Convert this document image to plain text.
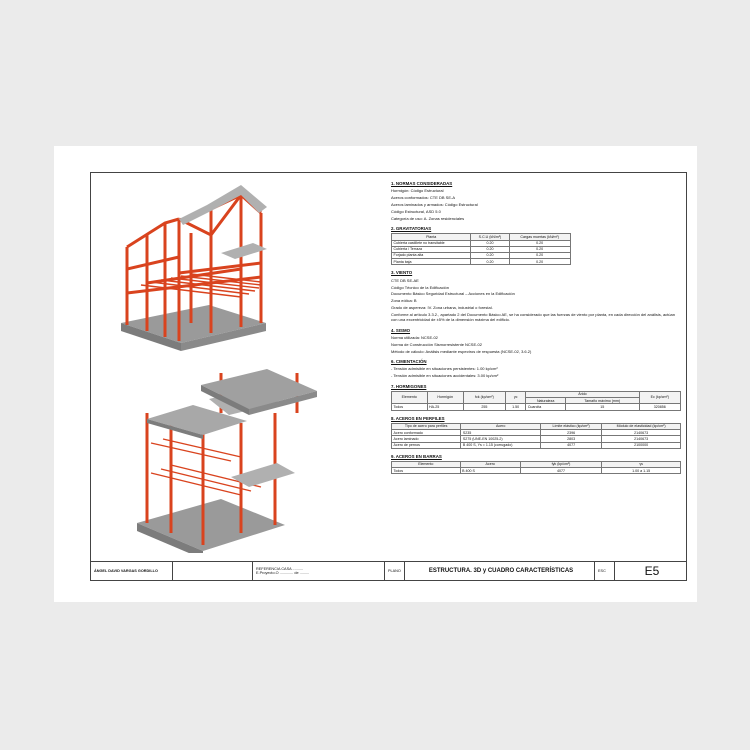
1. NORMAS CONSIDERADAS

Hormigón: Código Estructural

Aceros conformados: CTE DB SE-A

Aceros laminados y armados: Código Estructural

Código Estructural, ASD 5.0

Categoría de uso: A. Zonas residenciales

2. GRAVITATORIAS
Planta	S.C.U (kN/m²)	Cargas muertas (kN/m²)
Cubierta castillete no transitable	0.20	0.20
Cubierta / Terraza	0.20	0.20
Forjado planta alta	0.20	0.20
Planta baja	0.20	0.20
3. VIENTO

CTE DB SE-AE

Código Técnico de la Edificación

Documento Básico Seguridad Estructural – Acciones en la Edificación

Zona eólica: B

Grado de aspereza: IV. Zona urbana, industrial o forestal.

Conforme al artículo 3.3.2., apartado 2 del Documento Básico AE, se ha considerado que las fuerzas de viento por planta, en cada dirección del análisis, actúan con una excentricidad de ±5% de la dimensión máxima del edificio.

4. SISMO

Norma utilizada: NCSE-02

Norma de Construcción Sismorresistente NCSE-02

Método de cálculo: Análisis mediante espectros de respuesta (NCSE-02, 3.6.2)

6. CIMENTACIÓN

- Tensión admisible en situaciones persistentes: 1.00 kp/cm²

- Tensión admisible en situaciones accidentales: 3.00 kp/cm²

7. HORMIGONES
Elemento	Hormigón	fck (kp/cm²)	γc	Árido		Ec (kp/cm²)
				Naturaleza	Tamaño máximo (mm)	
Todos	HA-25	255	1.50	Cuarcita	15	320856
8. ACEROS EN PERFILES
Tipo de acero para perfiles	Acero	Límite elástico (kp/cm²)	Módulo de elasticidad (kp/cm²)
Acero conformado	S235	2396	2140673
Acero laminado	S275 (UNE-EN 10025-2)	2803	2140673
Acero de pernos	B 400 S, Ys = 1.15 (corrugado)	4077	2100000
9. ACEROS EN BARRAS
Elemento	Acero	fyk (kp/cm²)	γs
Todos	B 400 S	4077	1.00 a 1.15
ÁNGEL DAVID VARGAS GORDILLO	REFERENCIA CASA ..........
E.Proyecto.O ............. de .........	PLANO	ESTRUCTURA. 3D y CUADRO CARACTERÍSTICAS	ESC	E5
